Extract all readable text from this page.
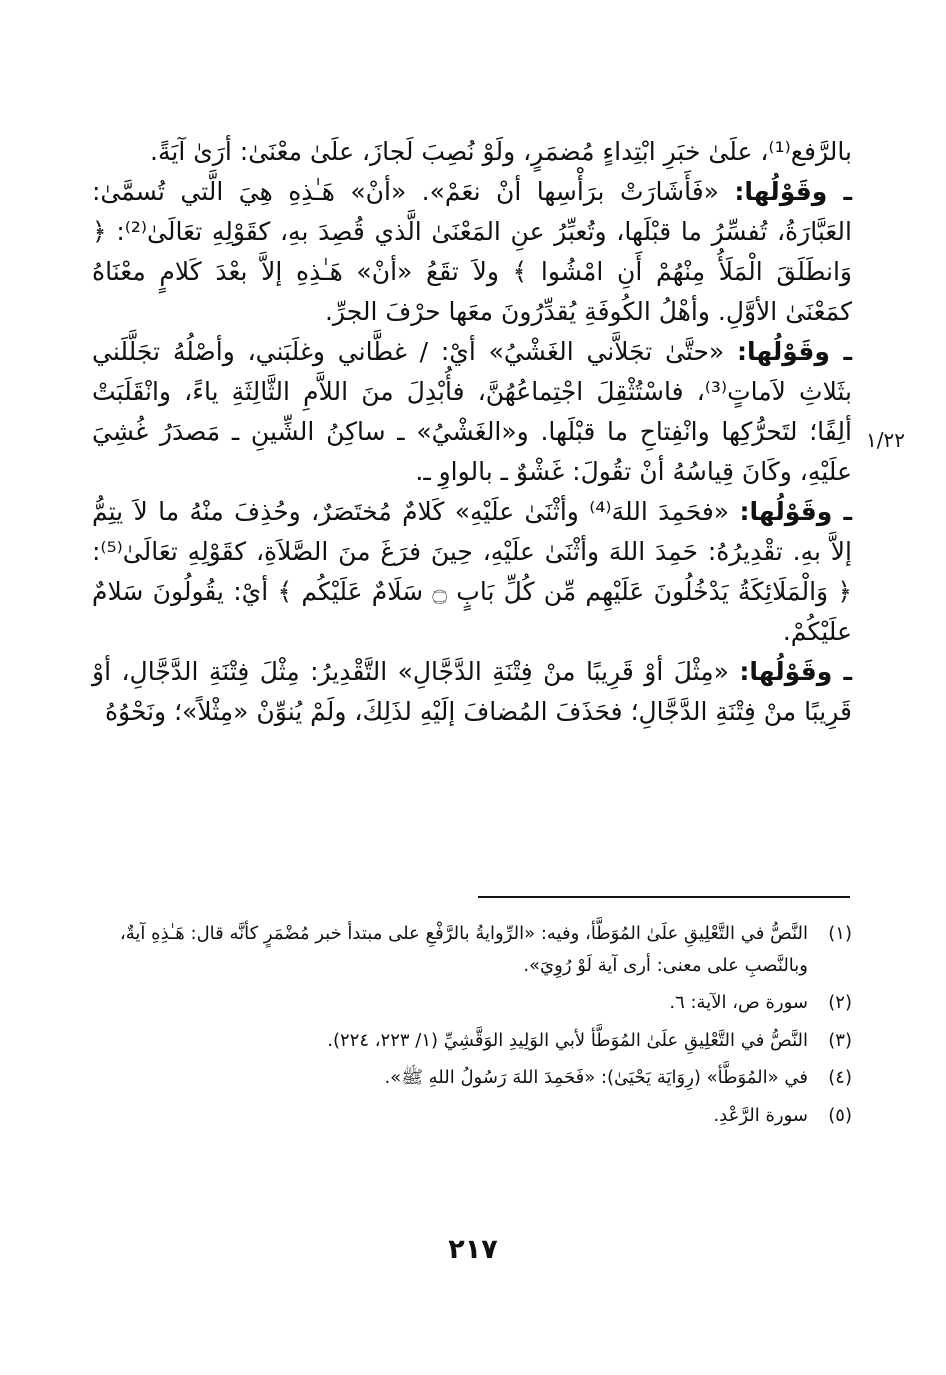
بالرَّفع⁽¹⁾، علَىٰ خبَرِ ابْتِداءٍ مُضمَرٍ، ولَوْ نُصِبَ لَجازَ، علَىٰ معْنَىٰ: أرَىٰ آيَةً.

ـ وقَوْلُها: «فَأَشَارَتْ برَأْسِها أنْ نعَمْ». «أنْ» هَـٰذِهِ هِيَ الَّتي تُسمَّىٰ: العَبَّارَةُ، تُفسِّرُ ما قبْلَها، وتُعبِّرُ عنِ المَعْنَىٰ الَّذي قُصِدَ بهِ، كقَوْلِهِ تعَالَىٰ⁽²⁾: ﴿ وَانطَلَقَ الْمَلَأُ مِنْهُمْ أَنِ امْشُوا ﴾ ولاَ تقَعُ «أنْ» هَـٰذِهِ إلاَّ بعْدَ كَلامٍ معْنَاهُ كمَعْنَىٰ الأوَّلِ. وأهْلُ الكُوفَةِ يُقدِّرُونَ معَها حرْفَ الجرِّ.

ـ وقَوْلُها: «حتَّىٰ تجَلاَّني الغَشْيُ» أيْ: / غطَّاني وغلَبَني، وأصْلُهُ تجَلَّلَني بثَلاثِ لاَماتٍ⁽³⁾، فاسْتُثْقِلَ اجْتِماعُهُنَّ، فأُبْدِلَ منَ اللاَّمِ الثَّالِثَةِ ياءً، وانْقَلَبَتْ ألِفًا؛ لتَحرُّكِها وانْفِتاحِ ما قبْلَها. و«الغَشْيُ» ـ ساكِنُ الشِّينِ ـ مَصدَرُ غُشِيَ علَيْهِ، وكَانَ قِياسُهُ أنْ تقُولَ: غَشْوٌ ـ بالواوِ ـ.

ـ وقَوْلُها: «فحَمِدَ اللهَ⁽⁴⁾ وأثْنَىٰ علَيْهِ» كَلامٌ مُختَصَرٌ، وحُذِفَ منْهُ ما لاَ يتِمُّ إلاَّ بهِ. تقْدِيرُهُ: حَمِدَ اللهَ وأثْنَىٰ علَيْهِ، حِينَ فرَغَ منَ الصَّلاَةِ، كقَوْلِهِ تعَالَىٰ⁽⁵⁾: ﴿ وَالْمَلَائِكَةُ يَدْخُلُونَ عَلَيْهِم مِّن كُلِّ بَابٍ ۝ سَلَامٌ عَلَيْكُم ﴾ أيْ: يقُولُونَ سَلامٌ علَيْكُمْ.

ـ وقَوْلُها: «مِثْلَ أوْ قَرِيبًا منْ فِتْنَةِ الدَّجَّالِ» التَّقْدِيرُ: مِثْلَ فِتْنَةِ الدَّجَّالِ، أوْ قَرِيبًا منْ فِتْنَةِ الدَّجَّالِ؛ فحَذَفَ المُضافَ إلَيْهِ لذَلِكَ، ولَمْ يُنوِّنْ «مِثْلاً»؛ ونَحْوُهُ

١/٢٢
(١)
النَّصُّ في التَّعْلِيقِ علَىٰ المُوَطَّأ، وفيه: «الرِّوايةُ بالرَّفْعِ على مبتدأ خبر مُضْمَرٍ كأنَّه قال: هَـٰذِهِ آيةٌ، وبالنَّصبِ على معنى: أرى آية لَوْ رُوِيَ».
(٢)
سورة ص، الآية: ٦.
(٣)
النَّصُّ في التَّعْلِيقِ علَىٰ المُوَطَّأ لأبي الوَلِيدِ الوَقَّشِيِّ (١/ ٢٢٣، ٢٢٤).
(٤)
في «المُوَطَّأ» (رِوَايَة يَحْيَىٰ): «فَحَمِدَ اللهَ رَسُولُ اللهِ ﷺ».
(٥)
سورة الرَّعْدِ.
٢١٧
